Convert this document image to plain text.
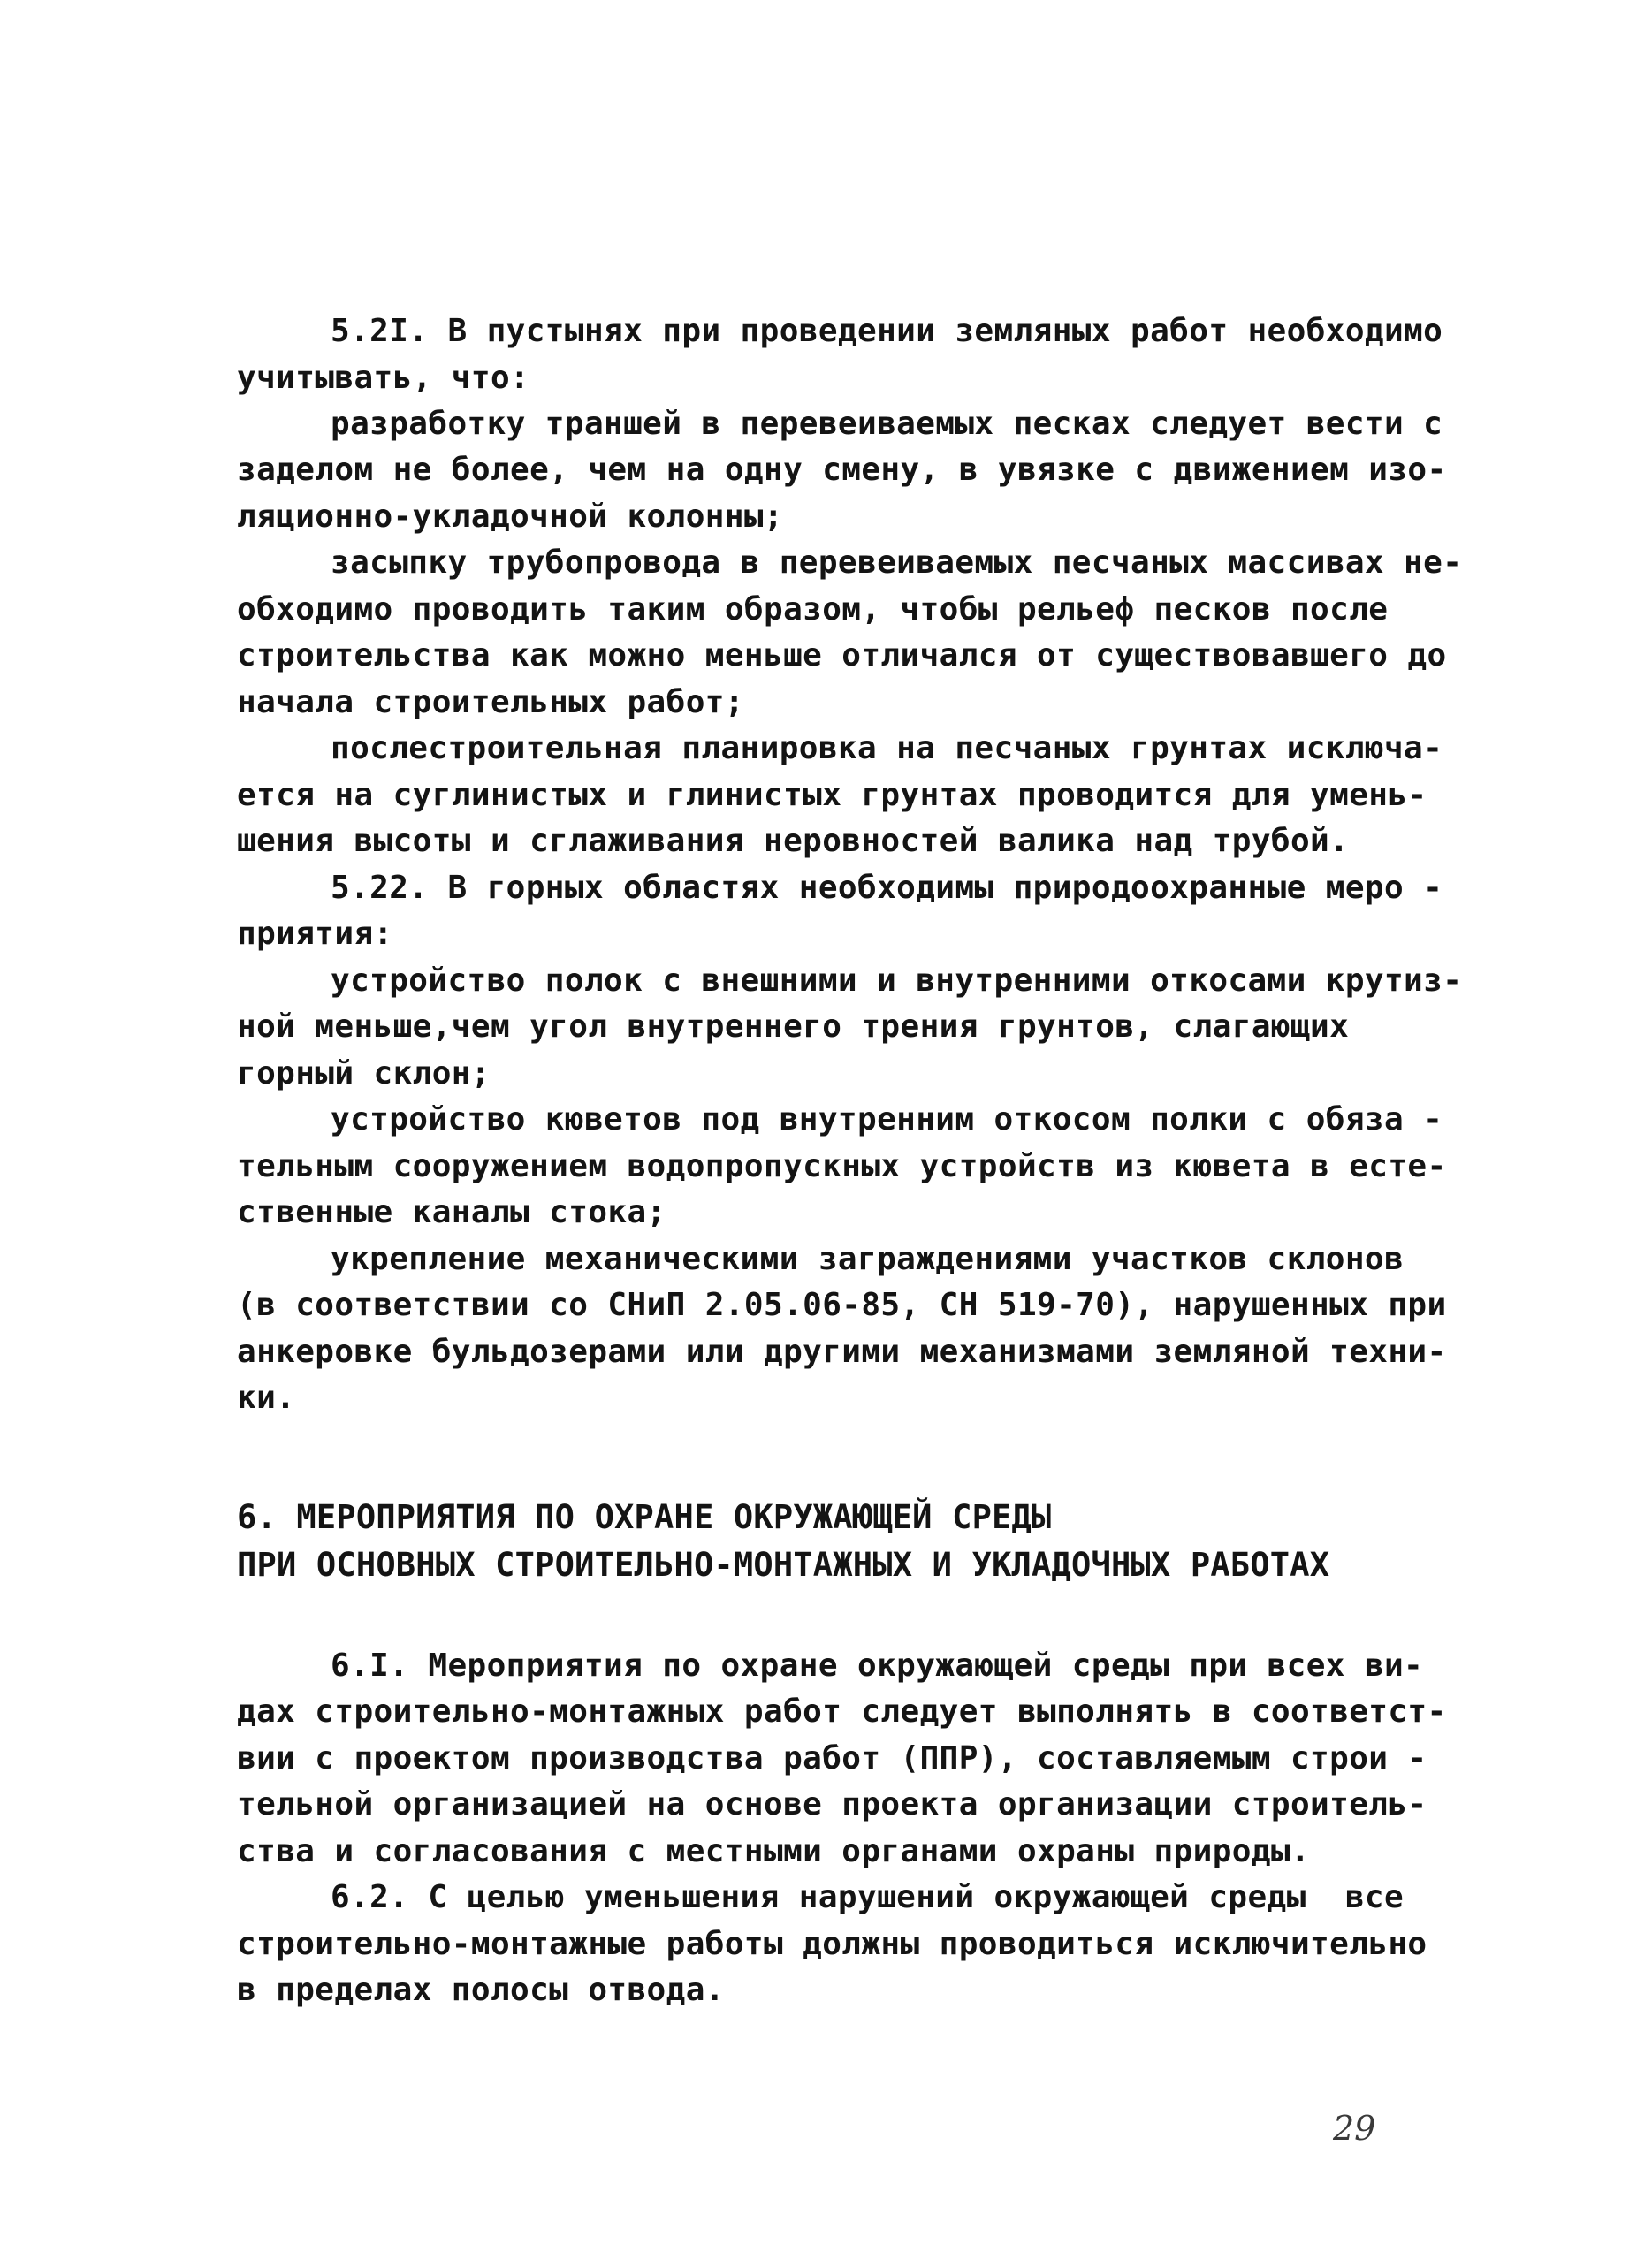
5.2I. В пустынях при проведении земляных работ необходимо
учитывать, что:
разработку траншей в перевеиваемых песках следует вести с
заделом не более, чем на одну смену, в увязке с движением изо-
ляционно-укладочной колонны;
засыпку трубопровода в перевеиваемых песчаных массивах не-
обходимо проводить таким образом, чтобы рельеф песков после
строительства как можно меньше отличался от существовавшего до
начала строительных работ;
послестроительная планировка на песчаных грунтах исключа-
ется на суглинистых и глинистых грунтах проводится для умень-
шения высоты и сглаживания неровностей валика над трубой.
5.22. В горных областях необходимы природоохранные меро -
приятия:
устройство полок с внешними и внутренними откосами крутиз-
ной меньше,чем угол внутреннего трения грунтов, слагающих
горный склон;
устройство кюветов под внутренним откосом полки с обяза -
тельным сооружением водопропускных устройств из кювета в есте-
ственные каналы стока;
укрепление механическими заграждениями участков склонов
(в соответствии со СНиП 2.05.06-85, СН 519-70), нарушенных при
анкеровке бульдозерами или другими механизмами земляной техни-
ки.
6. МЕРОПРИЯТИЯ ПО ОХРАНЕ ОКРУЖАЮЩЕЙ СРЕДЫ
ПРИ ОСНОВНЫХ СТРОИТЕЛЬНО-МОНТАЖНЫХ И УКЛАДОЧНЫХ РАБОТАХ
6.I. Мероприятия по охране окружающей среды при всех ви-
дах строительно-монтажных работ следует выполнять в соответст-
вии с проектом производства работ (ППР), составляемым строи -
тельной организацией на основе проекта организации строитель-
ства и согласования с местными органами охраны природы.
6.2. С целью уменьшения нарушений окружающей среды  все
строительно-монтажные работы должны проводиться исключительно
в пределах полосы отвода.
29
